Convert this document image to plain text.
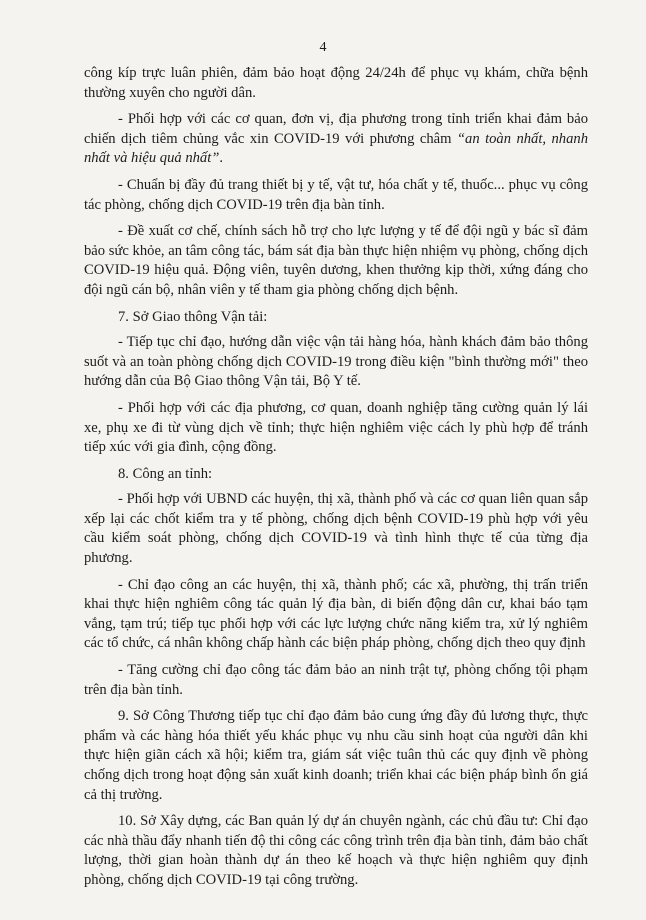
4

công kíp trực luân phiên, đảm bảo hoạt động 24/24h để phục vụ khám, chữa bệnh thường xuyên cho người dân.

- Phối hợp với các cơ quan, đơn vị, địa phương trong tỉnh triển khai đảm bảo chiến dịch tiêm chủng vắc xin COVID-19 với phương châm “an toàn nhất, nhanh nhất và hiệu quả nhất”.

- Chuẩn bị đầy đủ trang thiết bị y tế, vật tư, hóa chất y tế, thuốc... phục vụ công tác phòng, chống dịch COVID-19 trên địa bàn tỉnh.

- Đề xuất cơ chế, chính sách hỗ trợ cho lực lượng y tế để đội ngũ y bác sĩ đảm bảo sức khỏe, an tâm công tác, bám sát địa bàn thực hiện nhiệm vụ phòng, chống dịch COVID-19 hiệu quả. Động viên, tuyên dương, khen thưởng kịp thời, xứng đáng cho đội ngũ cán bộ, nhân viên y tế tham gia phòng chống dịch bệnh.

7. Sở Giao thông Vận tải:

- Tiếp tục chỉ đạo, hướng dẫn việc vận tải hàng hóa, hành khách đảm bảo thông suốt và an toàn phòng chống dịch COVID-19 trong điều kiện "bình thường mới" theo hướng dẫn của Bộ Giao thông Vận tải, Bộ Y tế.

- Phối hợp với các địa phương, cơ quan, doanh nghiệp tăng cường quản lý lái xe, phụ xe đi từ vùng dịch về tỉnh; thực hiện nghiêm việc cách ly phù hợp để tránh tiếp xúc với gia đình, cộng đồng.

8. Công an tỉnh:

- Phối hợp với UBND các huyện, thị xã, thành phố và các cơ quan liên quan sắp xếp lại các chốt kiểm tra y tế phòng, chống dịch bệnh COVID-19 phù hợp với yêu cầu kiểm soát phòng, chống dịch COVID-19 và tình hình thực tế của từng địa phương.

- Chỉ đạo công an các huyện, thị xã, thành phố; các xã, phường, thị trấn triển khai thực hiện nghiêm công tác quản lý địa bàn, di biến động dân cư, khai báo tạm vắng, tạm trú; tiếp tục phối hợp với các lực lượng chức năng kiểm tra, xử lý nghiêm các tổ chức, cá nhân không chấp hành các biện pháp phòng, chống dịch theo quy định

- Tăng cường chỉ đạo công tác đảm bảo an ninh trật tự, phòng chống tội phạm trên địa bàn tỉnh.

9. Sở Công Thương tiếp tục chỉ đạo đảm bảo cung ứng đầy đủ lương thực, thực phẩm và các hàng hóa thiết yếu khác phục vụ nhu cầu sinh hoạt của người dân khi thực hiện giãn cách xã hội; kiểm tra, giám sát việc tuân thủ các quy định về phòng chống dịch trong hoạt động sản xuất kinh doanh; triển khai các biện pháp bình ổn giá cả thị trường.

10. Sở Xây dựng, các Ban quản lý dự án chuyên ngành, các chủ đầu tư: Chỉ đạo các nhà thầu đẩy nhanh tiến độ thi công các công trình trên địa bàn tỉnh, đảm bảo chất lượng, thời gian hoàn thành dự án theo kế hoạch và thực hiện nghiêm quy định phòng, chống dịch COVID-19 tại công trường.
